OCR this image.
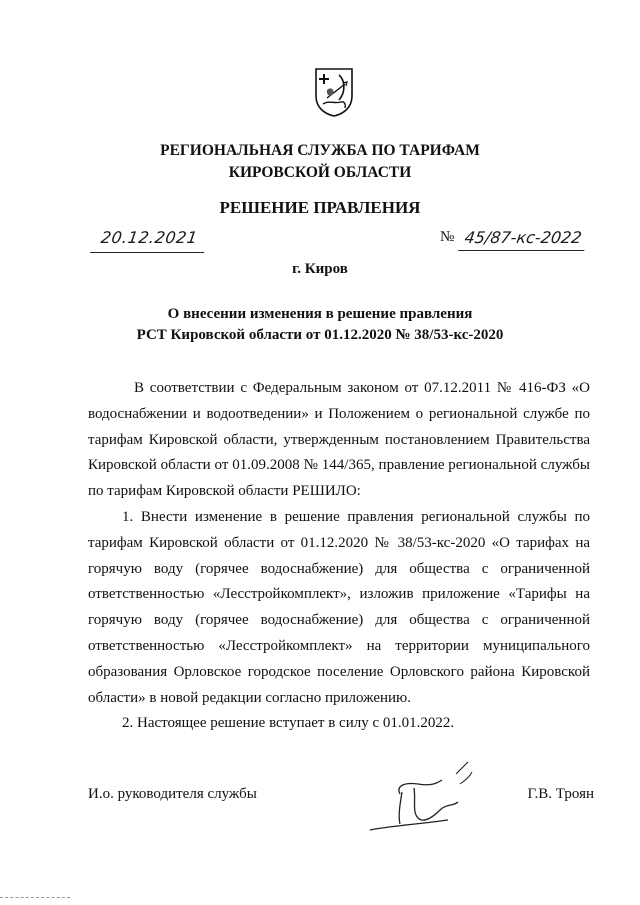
РЕГИОНАЛЬНАЯ СЛУЖБА ПО ТАРИФАМ
КИРОВСКОЙ ОБЛАСТИ
РЕШЕНИЕ ПРАВЛЕНИЯ
20.12.2021	№ 45/87-кс-2022
г. Киров
О внесении изменения в решение правления
РСТ Кировской области от 01.12.2020 № 38/53-кс-2020

В соответствии с Федеральным законом от 07.12.2011 № 416-ФЗ «О водоснабжении и водоотведении» и Положением о региональной службе по тарифам Кировской области, утвержденным постановлением Правительства Кировской области от 01.09.2008 № 144/365, правление региональной службы по тарифам Кировской области РЕШИЛО:

1. Внести изменение в решение правления региональной службы по тарифам Кировской области от 01.12.2020 № 38/53-кс-2020 «О тарифах на горячую воду (горячее водоснабжение) для общества с ограниченной ответственностью «Лесстройкомплект», изложив приложение «Тарифы на горячую воду (горячее водоснабжение) для общества с ограниченной ответственностью «Лесстройкомплект» на территории муниципального образования Орловское городское поселение Орловского района Кировской области» в новой редакции согласно приложению.

2. Настоящее решение вступает в силу с 01.01.2022.

И.о. руководителя службы	Г.В. Троян
